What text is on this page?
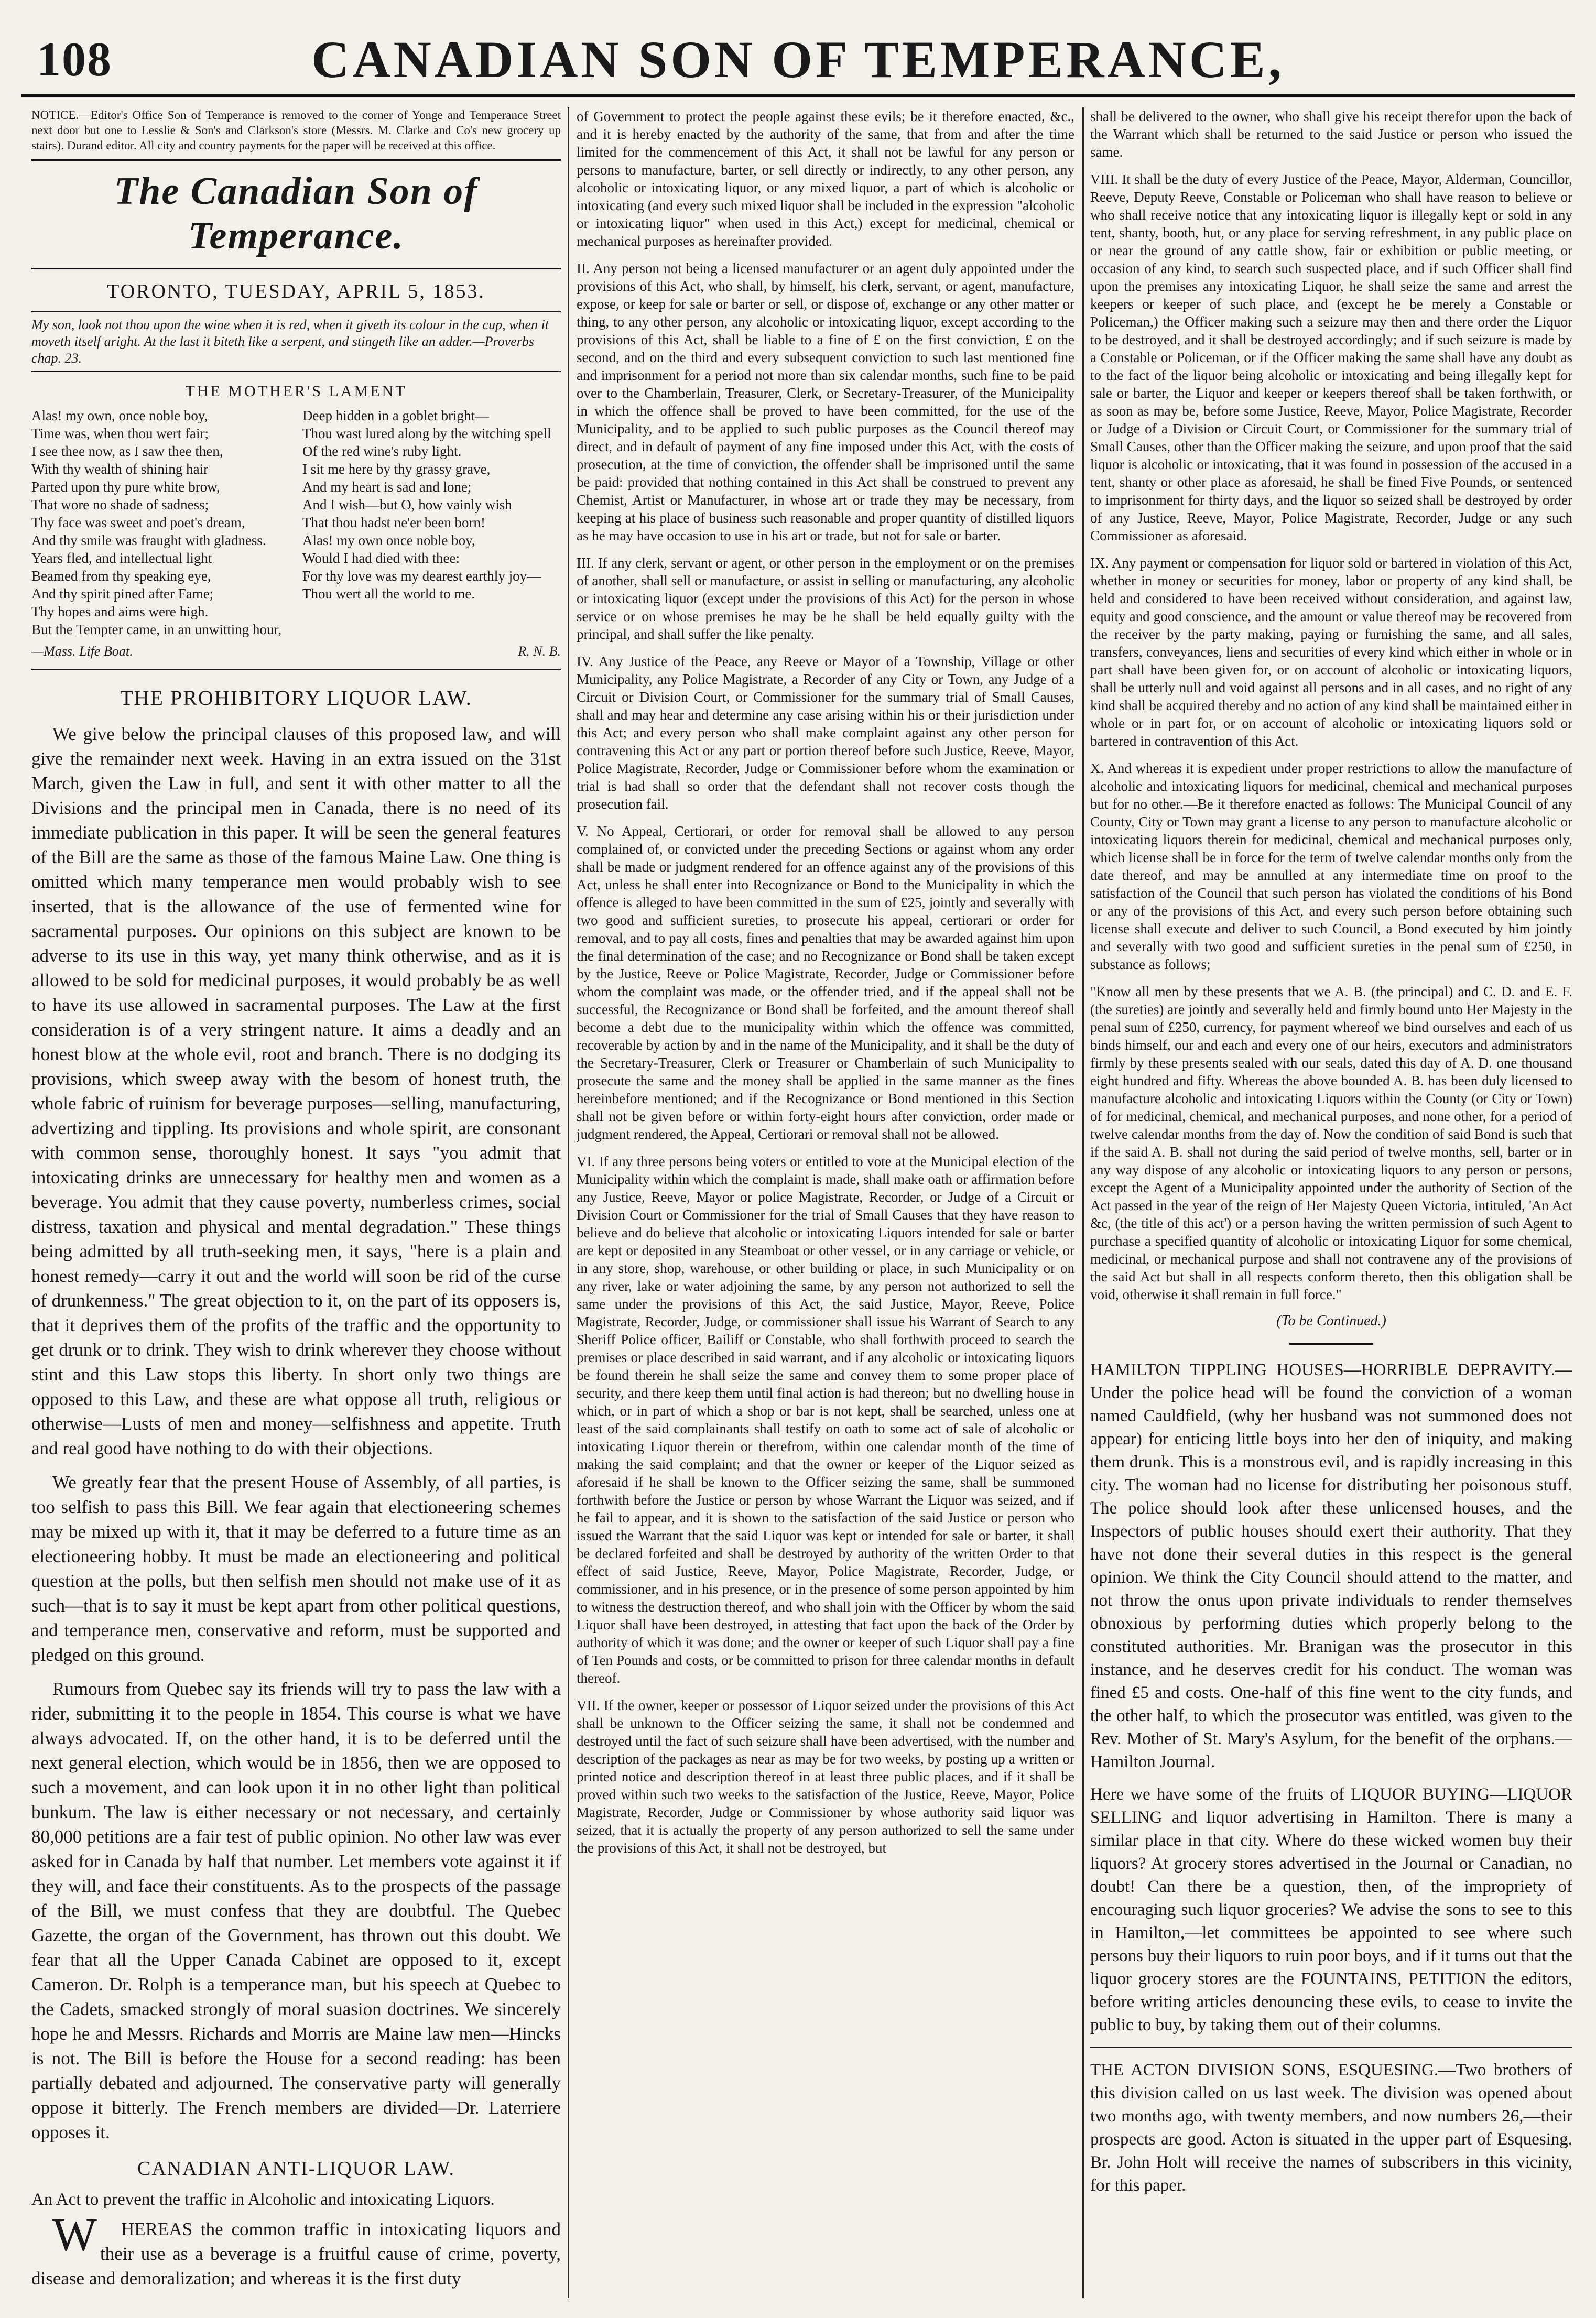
108	CANADIAN SON OF TEMPERANCE,

NOTICE.—Editor's Office Son of Temperance is removed to the corner of Yonge and Temperance Street next door but one to Lesslie & Son's and Clarkson's store (Messrs. M. Clarke and Co's new grocery up stairs). Durand editor. All city and country payments for the paper will be received at this office.

The Canadian Son of Temperance.
TORONTO, TUESDAY, APRIL 5, 1853.
My son, look not thou upon the wine when it is red, when it giveth its colour in the cup, when it moveth itself aright. At the last it biteth like a serpent, and stingeth like an adder.—Proverbs chap. 23.
THE MOTHER'S LAMENT
Alas! my own, once noble boy,
Time was, when thou wert fair;
I see thee now, as I saw thee then,
With thy wealth of shining hair
Parted upon thy pure white brow,
That wore no shade of sadness;
Thy face was sweet and poet's dream,
And thy smile was fraught with gladness.
Years fled, and intellectual light
Beamed from thy speaking eye,
And thy spirit pined after Fame;
Thy hopes and aims were high.
But the Tempter came, in an unwitting hour,
Deep hidden in a goblet bright—
Thou wast lured along by the witching spell
Of the red wine's ruby light.
I sit me here by thy grassy grave,
And my heart is sad and lone;
And I wish—but O, how vainly wish
That thou hadst ne'er been born!
Alas! my own once noble boy,
Would I had died with thee:
For thy love was my dearest earthly joy—
Thou wert all the world to me.
—Mass. Life Boat.	R. N. B.
THE PROHIBITORY LIQUOR LAW.

We give below the principal clauses of this proposed law, and will give the remainder next week. Having in an extra issued on the 31st March, given the Law in full, and sent it with other matter to all the Divisions and the principal men in Canada, there is no need of its immediate publication in this paper. It will be seen the general features of the Bill are the same as those of the famous Maine Law. One thing is omitted which many temperance men would probably wish to see inserted, that is the allowance of the use of fermented wine for sacramental purposes. Our opinions on this subject are known to be adverse to its use in this way, yet many think otherwise, and as it is allowed to be sold for medicinal purposes, it would probably be as well to have its use allowed in sacramental purposes. The Law at the first consideration is of a very stringent nature. It aims a deadly and an honest blow at the whole evil, root and branch. There is no dodging its provisions, which sweep away with the besom of honest truth, the whole fabric of ruinism for beverage purposes—selling, manufacturing, advertizing and tippling. Its provisions and whole spirit, are consonant with common sense, thoroughly honest. It says "you admit that intoxicating drinks are unnecessary for healthy men and women as a beverage. You admit that they cause poverty, numberless crimes, social distress, taxation and physical and mental degradation." These things being admitted by all truth-seeking men, it says, "here is a plain and honest remedy—carry it out and the world will soon be rid of the curse of drunkenness." The great objection to it, on the part of its opposers is, that it deprives them of the profits of the traffic and the opportunity to get drunk or to drink. They wish to drink wherever they choose without stint and this Law stops this liberty. In short only two things are opposed to this Law, and these are what oppose all truth, religious or otherwise—Lusts of men and money—selfishness and appetite. Truth and real good have nothing to do with their objections.

We greatly fear that the present House of Assembly, of all parties, is too selfish to pass this Bill. We fear again that electioneering schemes may be mixed up with it, that it may be deferred to a future time as an electioneering hobby. It must be made an electioneering and political question at the polls, but then selfish men should not make use of it as such—that is to say it must be kept apart from other political questions, and temperance men, conservative and reform, must be supported and pledged on this ground.

Rumours from Quebec say its friends will try to pass the law with a rider, submitting it to the people in 1854. This course is what we have always advocated. If, on the other hand, it is to be deferred until the next general election, which would be in 1856, then we are opposed to such a movement, and can look upon it in no other light than political bunkum. The law is either necessary or not necessary, and certainly 80,000 petitions are a fair test of public opinion. No other law was ever asked for in Canada by half that number. Let members vote against it if they will, and face their constituents. As to the prospects of the passage of the Bill, we must confess that they are doubtful. The Quebec Gazette, the organ of the Government, has thrown out this doubt. We fear that all the Upper Canada Cabinet are opposed to it, except Cameron. Dr. Rolph is a temperance man, but his speech at Quebec to the Cadets, smacked strongly of moral suasion doctrines. We sincerely hope he and Messrs. Richards and Morris are Maine law men—Hincks is not. The Bill is before the House for a second reading: has been partially debated and adjourned. The conservative party will generally oppose it bitterly. The French members are divided—Dr. Laterriere opposes it.

CANADIAN ANTI-LIQUOR LAW.

An Act to prevent the traffic in Alcoholic and intoxicating Liquors.

WHEREAS the common traffic in intoxicating liquors and their use as a beverage is a fruitful cause of crime, poverty, disease and demoralization; and whereas it is the first duty

of Government to protect the people against these evils; be it therefore enacted, &c., and it is hereby enacted by the authority of the same, that from and after the time limited for the commencement of this Act, it shall not be lawful for any person or persons to manufacture, barter, or sell directly or indirectly, to any other person, any alcoholic or intoxicating liquor, or any mixed liquor, a part of which is alcoholic or intoxicating (and every such mixed liquor shall be included in the expression "alcoholic or intoxicating liquor" when used in this Act,) except for medicinal, chemical or mechanical purposes as hereinafter provided.

II. Any person not being a licensed manufacturer or an agent duly appointed under the provisions of this Act, who shall, by himself, his clerk, servant, or agent, manufacture, expose, or keep for sale or barter or sell, or dispose of, exchange or any other matter or thing, to any other person, any alcoholic or intoxicating liquor, except according to the provisions of this Act, shall be liable to a fine of £ on the first conviction, £ on the second, and on the third and every subsequent conviction to such last mentioned fine and imprisonment for a period not more than six calendar months, such fine to be paid over to the Chamberlain, Treasurer, Clerk, or Secretary-Treasurer, of the Municipality in which the offence shall be proved to have been committed, for the use of the Municipality, and to be applied to such public purposes as the Council thereof may direct, and in default of payment of any fine imposed under this Act, with the costs of prosecution, at the time of conviction, the offender shall be imprisoned until the same be paid: provided that nothing contained in this Act shall be construed to prevent any Chemist, Artist or Manufacturer, in whose art or trade they may be necessary, from keeping at his place of business such reasonable and proper quantity of distilled liquors as he may have occasion to use in his art or trade, but not for sale or barter.

III. If any clerk, servant or agent, or other person in the employment or on the premises of another, shall sell or manufacture, or assist in selling or manufacturing, any alcoholic or intoxicating liquor (except under the provisions of this Act) for the person in whose service or on whose premises he may be he shall be held equally guilty with the principal, and shall suffer the like penalty.

IV. Any Justice of the Peace, any Reeve or Mayor of a Township, Village or other Municipality, any Police Magistrate, a Recorder of any City or Town, any Judge of a Circuit or Division Court, or Commissioner for the summary trial of Small Causes, shall and may hear and determine any case arising within his or their jurisdiction under this Act; and every person who shall make complaint against any other person for contravening this Act or any part or portion thereof before such Justice, Reeve, Mayor, Police Magistrate, Recorder, Judge or Commissioner before whom the examination or trial is had shall so order that the defendant shall not recover costs though the prosecution fail.

V. No Appeal, Certiorari, or order for removal shall be allowed to any person complained of, or convicted under the preceding Sections or against whom any order shall be made or judgment rendered for an offence against any of the provisions of this Act, unless he shall enter into Recognizance or Bond to the Municipality in which the offence is alleged to have been committed in the sum of £25, jointly and severally with two good and sufficient sureties, to prosecute his appeal, certiorari or order for removal, and to pay all costs, fines and penalties that may be awarded against him upon the final determination of the case; and no Recognizance or Bond shall be taken except by the Justice, Reeve or Police Magistrate, Recorder, Judge or Commissioner before whom the complaint was made, or the offender tried, and if the appeal shall not be successful, the Recognizance or Bond shall be forfeited, and the amount thereof shall become a debt due to the municipality within which the offence was committed, recoverable by action by and in the name of the Municipality, and it shall be the duty of the Secretary-Treasurer, Clerk or Treasurer or Chamberlain of such Municipality to prosecute the same and the money shall be applied in the same manner as the fines hereinbefore mentioned; and if the Recognizance or Bond mentioned in this Section shall not be given before or within forty-eight hours after conviction, order made or judgment rendered, the Appeal, Certiorari or removal shall not be allowed.

VI. If any three persons being voters or entitled to vote at the Municipal election of the Municipality within which the complaint is made, shall make oath or affirmation before any Justice, Reeve, Mayor or police Magistrate, Recorder, or Judge of a Circuit or Division Court or Commissioner for the trial of Small Causes that they have reason to believe and do believe that alcoholic or intoxicating Liquors intended for sale or barter are kept or deposited in any Steamboat or other vessel, or in any carriage or vehicle, or in any store, shop, warehouse, or other building or place, in such Municipality or on any river, lake or water adjoining the same, by any person not authorized to sell the same under the provisions of this Act, the said Justice, Mayor, Reeve, Police Magistrate, Recorder, Judge, or commissioner shall issue his Warrant of Search to any Sheriff Police officer, Bailiff or Constable, who shall forthwith proceed to search the premises or place described in said warrant, and if any alcoholic or intoxicating liquors be found therein he shall seize the same and convey them to some proper place of security, and there keep them until final action is had thereon; but no dwelling house in which, or in part of which a shop or bar is not kept, shall be searched, unless one at least of the said complainants shall testify on oath to some act of sale of alcoholic or intoxicating Liquor therein or therefrom, within one calendar month of the time of making the said complaint; and that the owner or keeper of the Liquor seized as aforesaid if he shall be known to the Officer seizing the same, shall be summoned forthwith before the Justice or person by whose Warrant the Liquor was seized, and if he fail to appear, and it is shown to the satisfaction of the said Justice or person who issued the Warrant that the said Liquor was kept or intended for sale or barter, it shall be declared forfeited and shall be destroyed by authority of the written Order to that effect of said Justice, Reeve, Mayor, Police Magistrate, Recorder, Judge, or commissioner, and in his presence, or in the presence of some person appointed by him to witness the destruction thereof, and who shall join with the Officer by whom the said Liquor shall have been destroyed, in attesting that fact upon the back of the Order by authority of which it was done; and the owner or keeper of such Liquor shall pay a fine of Ten Pounds and costs, or be committed to prison for three calendar months in default thereof.

VII. If the owner, keeper or possessor of Liquor seized under the provisions of this Act shall be unknown to the Officer seizing the same, it shall not be condemned and destroyed until the fact of such seizure shall have been advertised, with the number and description of the packages as near as may be for two weeks, by posting up a written or printed notice and description thereof in at least three public places, and if it shall be proved within such two weeks to the satisfaction of the Justice, Reeve, Mayor, Police Magistrate, Recorder, Judge or Commissioner by whose authority said liquor was seized, that it is actually the property of any person authorized to sell the same under the provisions of this Act, it shall not be destroyed, but

shall be delivered to the owner, who shall give his receipt therefor upon the back of the Warrant which shall be returned to the said Justice or person who issued the same.

VIII. It shall be the duty of every Justice of the Peace, Mayor, Alderman, Councillor, Reeve, Deputy Reeve, Constable or Policeman who shall have reason to believe or who shall receive notice that any intoxicating liquor is illegally kept or sold in any tent, shanty, booth, hut, or any place for serving refreshment, in any public place on or near the ground of any cattle show, fair or exhibition or public meeting, or occasion of any kind, to search such suspected place, and if such Officer shall find upon the premises any intoxicating Liquor, he shall seize the same and arrest the keepers or keeper of such place, and (except he be merely a Constable or Policeman,) the Officer making such a seizure may then and there order the Liquor to be destroyed, and it shall be destroyed accordingly; and if such seizure is made by a Constable or Policeman, or if the Officer making the same shall have any doubt as to the fact of the liquor being alcoholic or intoxicating and being illegally kept for sale or barter, the Liquor and keeper or keepers thereof shall be taken forthwith, or as soon as may be, before some Justice, Reeve, Mayor, Police Magistrate, Recorder or Judge of a Division or Circuit Court, or Commissioner for the summary trial of Small Causes, other than the Officer making the seizure, and upon proof that the said liquor is alcoholic or intoxicating, that it was found in possession of the accused in a tent, shanty or other place as aforesaid, he shall be fined Five Pounds, or sentenced to imprisonment for thirty days, and the liquor so seized shall be destroyed by order of any Justice, Reeve, Mayor, Police Magistrate, Recorder, Judge or any such Commissioner as aforesaid.

IX. Any payment or compensation for liquor sold or bartered in violation of this Act, whether in money or securities for money, labor or property of any kind shall, be held and considered to have been received without consideration, and against law, equity and good conscience, and the amount or value thereof may be recovered from the receiver by the party making, paying or furnishing the same, and all sales, transfers, conveyances, liens and securities of every kind which either in whole or in part shall have been given for, or on account of alcoholic or intoxicating liquors, shall be utterly null and void against all persons and in all cases, and no right of any kind shall be acquired thereby and no action of any kind shall be maintained either in whole or in part for, or on account of alcoholic or intoxicating liquors sold or bartered in contravention of this Act.

X. And whereas it is expedient under proper restrictions to allow the manufacture of alcoholic and intoxicating liquors for medicinal, chemical and mechanical purposes but for no other.—Be it therefore enacted as follows: The Municipal Council of any County, City or Town may grant a license to any person to manufacture alcoholic or intoxicating liquors therein for medicinal, chemical and mechanical purposes only, which license shall be in force for the term of twelve calendar months only from the date thereof, and may be annulled at any intermediate time on proof to the satisfaction of the Council that such person has violated the conditions of his Bond or any of the provisions of this Act, and every such person before obtaining such license shall execute and deliver to such Council, a Bond executed by him jointly and severally with two good and sufficient sureties in the penal sum of £250, in substance as follows;

"Know all men by these presents that we A. B. (the principal) and C. D. and E. F. (the sureties) are jointly and severally held and firmly bound unto Her Majesty in the penal sum of £250, currency, for payment whereof we bind ourselves and each of us binds himself, our and each and every one of our heirs, executors and administrators firmly by these presents sealed with our seals, dated this day of A. D. one thousand eight hundred and fifty. Whereas the above bounded A. B. has been duly licensed to manufacture alcoholic and intoxicating Liquors within the County (or City or Town) of for medicinal, chemical, and mechanical purposes, and none other, for a period of twelve calendar months from the day of. Now the condition of said Bond is such that if the said A. B. shall not during the said period of twelve months, sell, barter or in any way dispose of any alcoholic or intoxicating liquors to any person or persons, except the Agent of a Municipality appointed under the authority of Section of the Act passed in the year of the reign of Her Majesty Queen Victoria, intituled, 'An Act &c, (the title of this act') or a person having the written permission of such Agent to purchase a specified quantity of alcoholic or intoxicating Liquor for some chemical, medicinal, or mechanical purpose and shall not contravene any of the provisions of the said Act but shall in all respects conform thereto, then this obligation shall be void, otherwise it shall remain in full force."

(To be Continued.)

HAMILTON TIPPLING HOUSES—HORRIBLE DEPRAVITY.—Under the police head will be found the conviction of a woman named Cauldfield, (why her husband was not summoned does not appear) for enticing little boys into her den of iniquity, and making them drunk. This is a monstrous evil, and is rapidly increasing in this city. The woman had no license for distributing her poisonous stuff. The police should look after these unlicensed houses, and the Inspectors of public houses should exert their authority. That they have not done their several duties in this respect is the general opinion. We think the City Council should attend to the matter, and not throw the onus upon private individuals to render themselves obnoxious by performing duties which properly belong to the constituted authorities. Mr. Branigan was the prosecutor in this instance, and he deserves credit for his conduct. The woman was fined £5 and costs. One-half of this fine went to the city funds, and the other half, to which the prosecutor was entitled, was given to the Rev. Mother of St. Mary's Asylum, for the benefit of the orphans.—Hamilton Journal.

Here we have some of the fruits of LIQUOR BUYING—LIQUOR SELLING and liquor advertising in Hamilton. There is many a similar place in that city. Where do these wicked women buy their liquors? At grocery stores advertised in the Journal or Canadian, no doubt! Can there be a question, then, of the impropriety of encouraging such liquor groceries? We advise the sons to see to this in Hamilton,—let committees be appointed to see where such persons buy their liquors to ruin poor boys, and if it turns out that the liquor grocery stores are the FOUNTAINS, PETITION the editors, before writing articles denouncing these evils, to cease to invite the public to buy, by taking them out of their columns.

THE ACTON DIVISION SONS, ESQUESING.—Two brothers of this division called on us last week. The division was opened about two months ago, with twenty members, and now numbers 26,—their prospects are good. Acton is situated in the upper part of Esquesing. Br. John Holt will receive the names of subscribers in this vicinity, for this paper.
